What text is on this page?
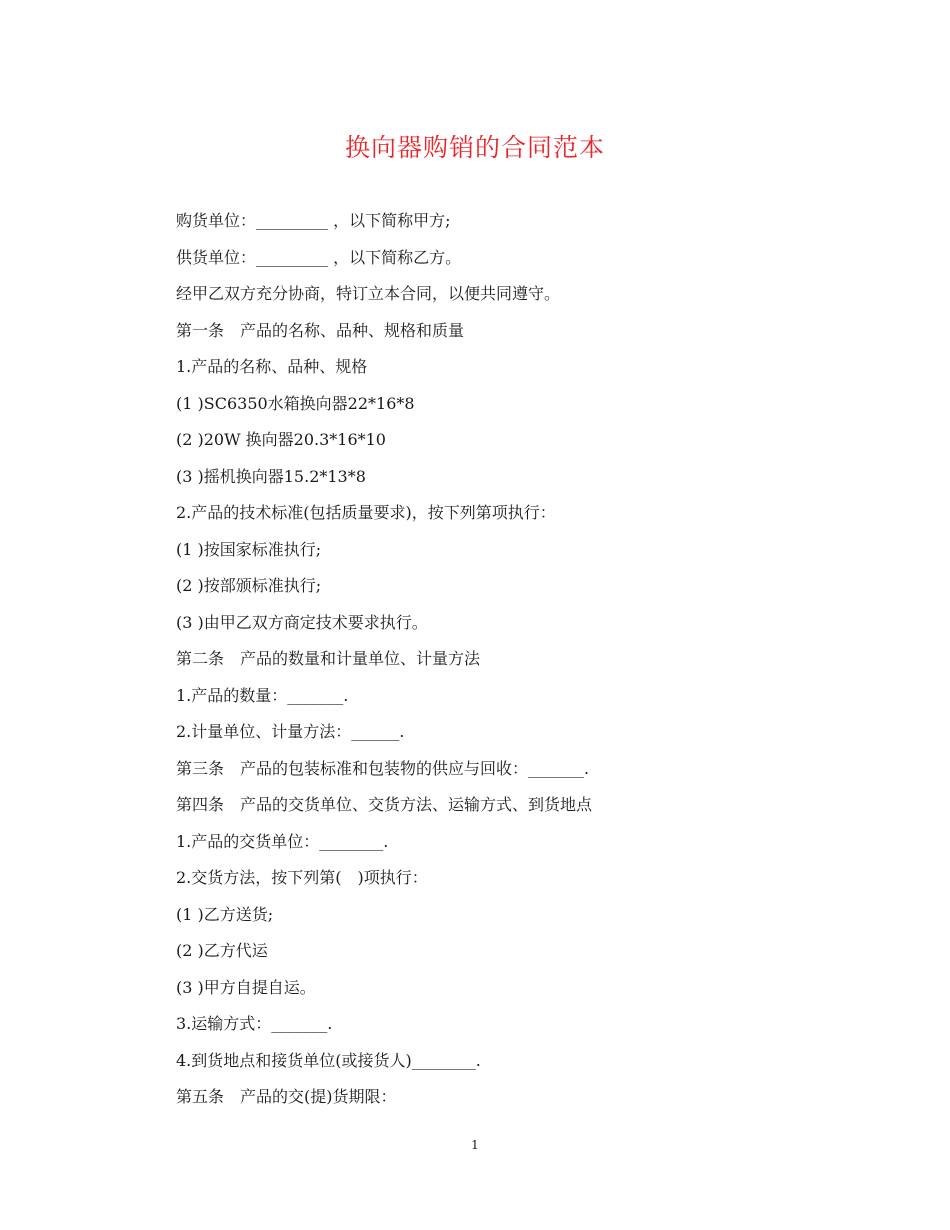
换向器购销的合同范本
购货单位：_________ ，以下简称甲方;
供货单位：_________ ，以下简称乙方。
经甲乙双方充分协商，特订立本合同，以便共同遵守。
第一条　产品的名称、品种、规格和质量
1.产品的名称、品种、规格
(1 )SC6350水箱换向器22*16*8
(2 )20W 换向器20.3*16*10
(3 )摇机换向器15.2*13*8
2.产品的技术标准(包括质量要求)，按下列第项执行：
(1 )按国家标准执行;
(2 )按部颁标准执行;
(3 )由甲乙双方商定技术要求执行。
第二条　产品的数量和计量单位、计量方法
1.产品的数量：_______.
2.计量单位、计量方法：______.
第三条　产品的包装标准和包装物的供应与回收：_______.
第四条　产品的交货单位、交货方法、运输方式、到货地点
1.产品的交货单位：________.
2.交货方法，按下列第(　)项执行：
(1 )乙方送货;
(2 )乙方代运
(3 )甲方自提自运。
3.运输方式：_______.
4.到货地点和接货单位(或接货人)________.
第五条　产品的交(提)货期限：
1
